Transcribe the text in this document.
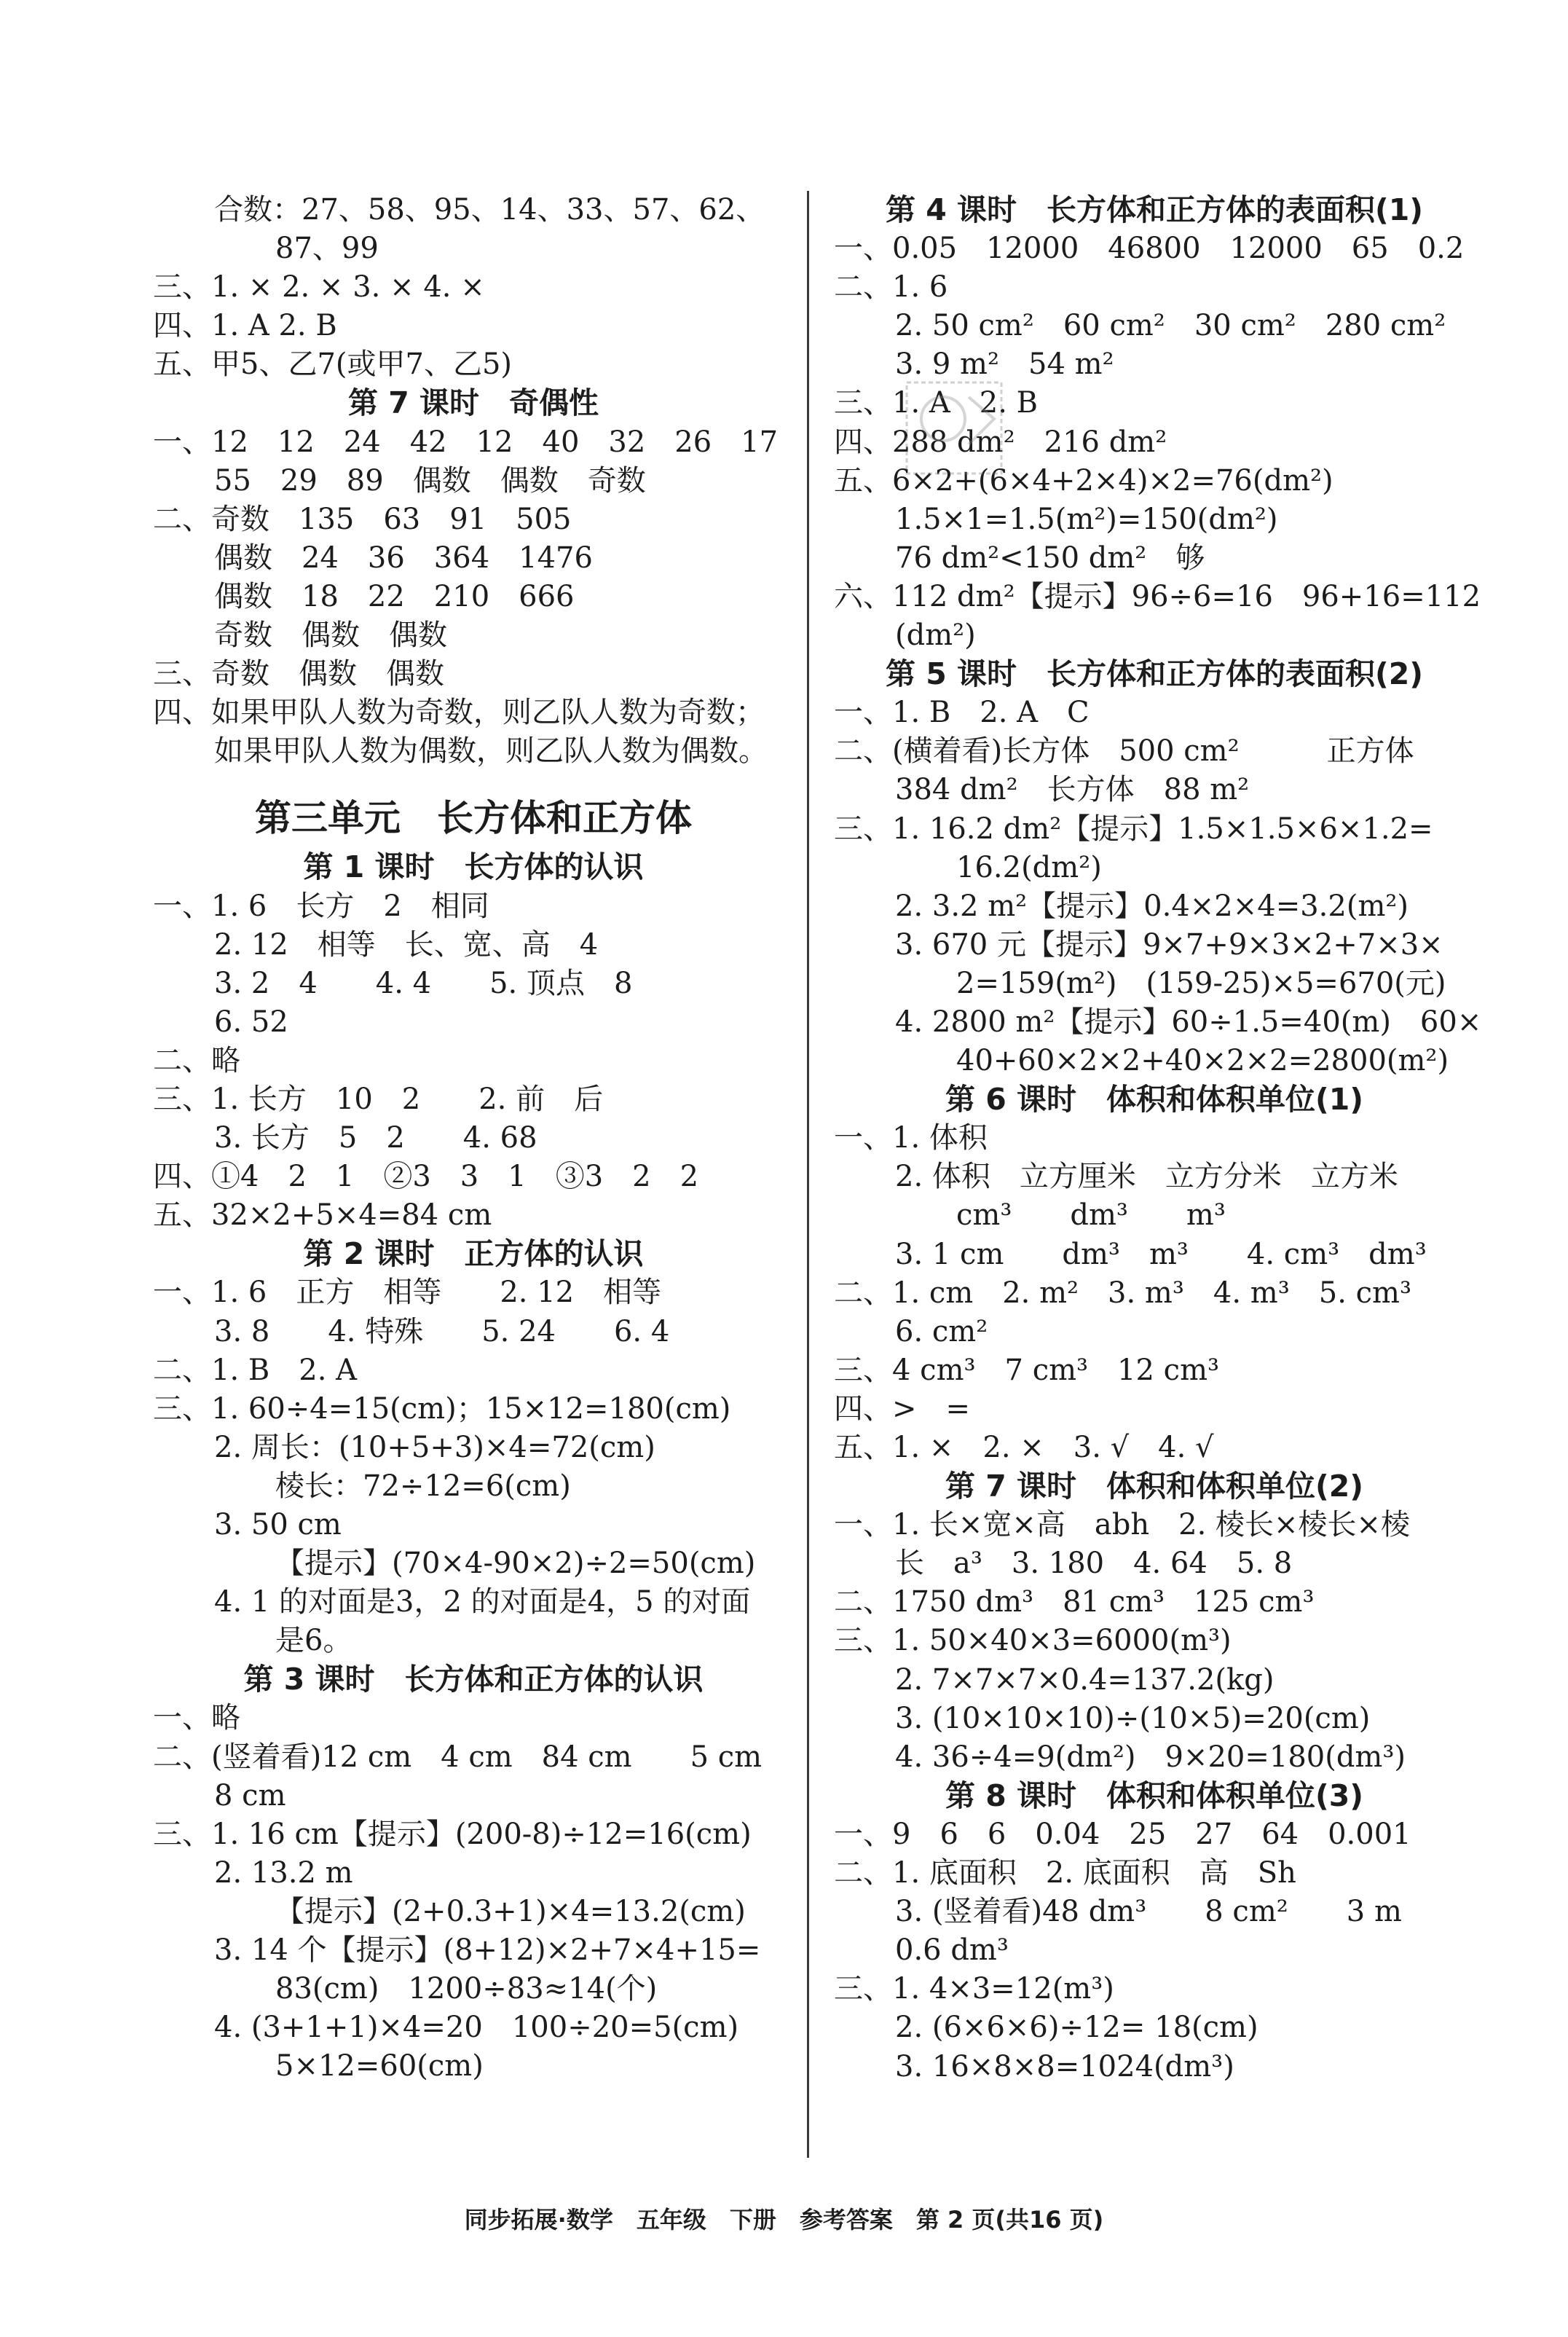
合数：27、58、95、14、33、57、62、
87、99
三、1. × 2. × 3. × 4. ×
四、1. A 2. B
五、甲5、乙7(或甲7、乙5)
第 7 课时　奇偶性
一、12　12　24　42　12　40　32　26　17
55　29　89　偶数　偶数　奇数
二、奇数　135　63　91　505
偶数　24　36　364　1476
偶数　18　22　210　666
奇数　偶数　偶数
三、奇数　偶数　偶数
四、如果甲队人数为奇数，则乙队人数为奇数；
如果甲队人数为偶数，则乙队人数为偶数。
第三单元　长方体和正方体
第 1 课时　长方体的认识
一、1. 6　长方　2　相同
2. 12　相等　长、宽、高　4
3. 2　4　　4. 4　　5. 顶点　8
6. 52
二、略
三、1. 长方　10　2　　2. 前　后
3. 长方　5　2　　4. 68
四、①4　2　1　②3　3　1　③3　2　2
五、32×2+5×4=84 cm
第 2 课时　正方体的认识
一、1. 6　正方　相等　　2. 12　相等
3. 8　　4. 特殊　　5. 24　　6. 4
二、1. B　2. A
三、1. 60÷4=15(cm)；15×12=180(cm)
2. 周长：(10+5+3)×4=72(cm)
棱长：72÷12=6(cm)
3. 50 cm
【提示】(70×4-90×2)÷2=50(cm)
4. 1 的对面是3，2 的对面是4，5 的对面
是6。
第 3 课时　长方体和正方体的认识
一、略
二、(竖着看)12 cm　4 cm　84 cm　　5 cm
8 cm
三、1. 16 cm【提示】(200-8)÷12=16(cm)
2. 13.2 m
【提示】(2+0.3+1)×4=13.2(cm)
3. 14 个【提示】(8+12)×2+7×4+15=
83(cm)　1200÷83≈14(个)
4. (3+1+1)×4=20　100÷20=5(cm)
5×12=60(cm)
第 4 课时　长方体和正方体的表面积(1)
一、0.05　12000　46800　12000　65　0.2
二、1. 6
2. 50 cm²　60 cm²　30 cm²　280 cm²
3. 9 m²　54 m²
三、1. A　2. B
四、288 dm²　216 dm²
五、6×2+(6×4+2×4)×2=76(dm²)
1.5×1=1.5(m²)=150(dm²)
76 dm²<150 dm²　够
六、112 dm²【提示】96÷6=16　96+16=112
(dm²)
第 5 课时　长方体和正方体的表面积(2)
一、1. B　2. A　C
二、(横着看)长方体　500 cm²　　　正方体
384 dm²　长方体　88 m²
三、1. 16.2 dm²【提示】1.5×1.5×6×1.2=
16.2(dm²)
2. 3.2 m²【提示】0.4×2×4=3.2(m²)
3. 670 元【提示】9×7+9×3×2+7×3×
2=159(m²)　(159-25)×5=670(元)
4. 2800 m²【提示】60÷1.5=40(m)　60×
40+60×2×2+40×2×2=2800(m²)
第 6 课时　体积和体积单位(1)
一、1. 体积
2. 体积　立方厘米　立方分米　立方米
cm³　　dm³　　m³
3. 1 cm　　dm³　m³　　4. cm³　dm³
二、1. cm　2. m²　3. m³　4. m³　5. cm³
6. cm²
三、4 cm³　7 cm³　12 cm³
四、>　=
五、1. ×　2. ×　3. √　4. √
第 7 课时　体积和体积单位(2)
一、1. 长×宽×高　abh　2. 棱长×棱长×棱
长　a³　3. 180　4. 64　5. 8
二、1750 dm³　81 cm³　125 cm³
三、1. 50×40×3=6000(m³)
2. 7×7×7×0.4=137.2(kg)
3. (10×10×10)÷(10×5)=20(cm)
4. 36÷4=9(dm²)　9×20=180(dm³)
第 8 课时　体积和体积单位(3)
一、9　6　6　0.04　25　27　64　0.001
二、1. 底面积　2. 底面积　高　Sh
3. (竖着看)48 dm³　　8 cm²　　3 m
0.6 dm³
三、1. 4×3=12(m³)
2. (6×6×6)÷12= 18(cm)
3. 16×8×8=1024(dm³)
同步拓展·数学　五年级　下册　参考答案　第 2 页(共16 页)
